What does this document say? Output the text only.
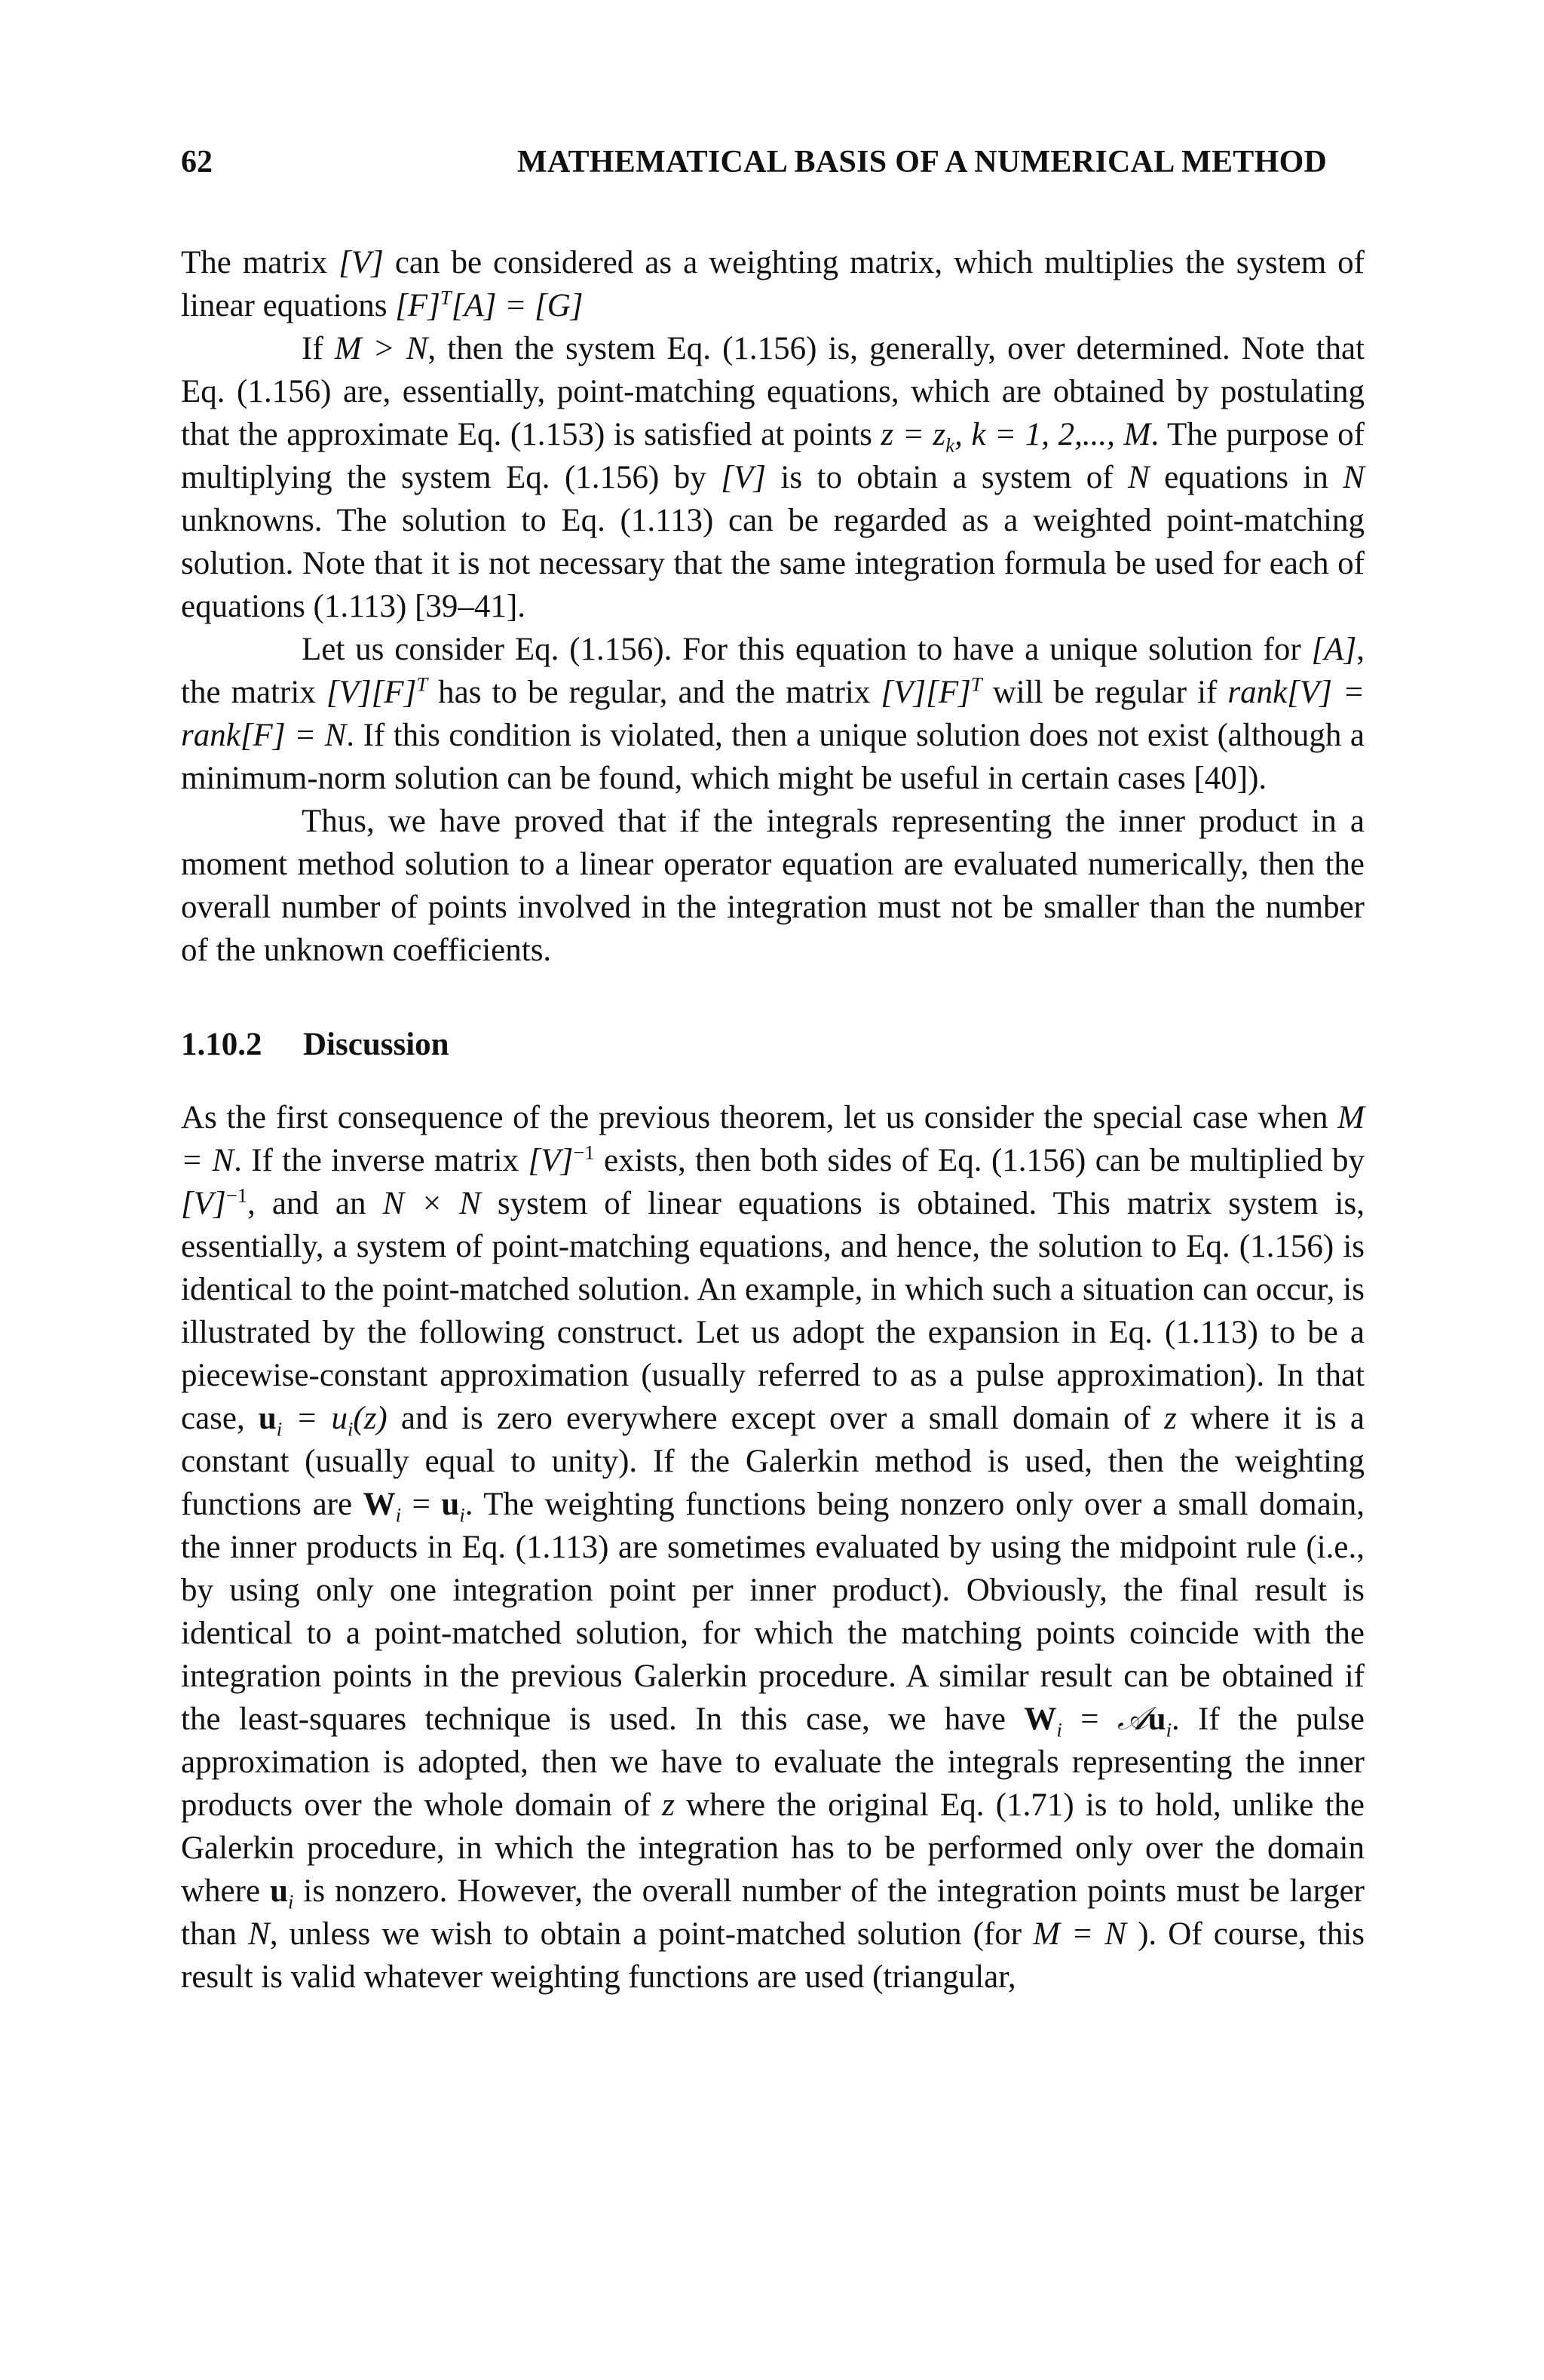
62	MATHEMATICAL BASIS OF A NUMERICAL METHOD

The matrix [V] can be considered as a weighting matrix, which multiplies the system of linear equations $[F]^T[A] = [G]$

If M > N, then the system Eq. (1.156) is, generally, over determined. Note that Eq. (1.156) are, essentially, point-matching equations, which are obtained by postulating that the approximate Eq. (1.153) is satisfied at points $z = z_k$, k = 1, 2,..., M. The purpose of multiplying the system Eq. (1.156) by [V] is to obtain a system of N equations in N unknowns. The solution to Eq. (1.113) can be regarded as a weighted point-matching solution. Note that it is not necessary that the same integration formula be used for each of equations (1.113) [39–41].

Let us consider Eq. (1.156). For this equation to have a unique solution for [A], the matrix $[V][F]^T$ has to be regular, and the matrix $[V][F]^T$ will be regular if rank[V] = rank[F] = N. If this condition is violated, then a unique solution does not exist (although a minimum-norm solution can be found, which might be useful in certain cases [40]).

Thus, we have proved that if the integrals representing the inner product in a moment method solution to a linear operator equation are evaluated numerically, then the overall number of points involved in the integration must not be smaller than the number of the unknown coefficients.

1.10.2 Discussion

As the first consequence of the previous theorem, let us consider the special case when M = N. If the inverse matrix $[V]^{-1}$ exists, then both sides of Eq. (1.156) can be multiplied by $[V]^{-1}$, and an N × N system of linear equations is obtained. This matrix system is, essentially, a system of point-matching equations, and hence, the solution to Eq. (1.156) is identical to the point-matched solution. An example, in which such a situation can occur, is illustrated by the following construct. Let us adopt the expansion in Eq. (1.113) to be a piecewise-constant approximation (usually referred to as a pulse approximation). In that case, $u_i = u_i(z)$ and is zero everywhere except over a small domain of z where it is a constant (usually equal to unity). If the Galerkin method is used, then the weighting functions are $W_i = u_i$. The weighting functions being nonzero only over a small domain, the inner products in Eq. (1.113) are sometimes evaluated by using the midpoint rule (i.e., by using only one integration point per inner product). Obviously, the final result is identical to a point-matched solution, for which the matching points coincide with the integration points in the previous Galerkin procedure. A similar result can be obtained if the least-squares technique is used. In this case, we have $W_i$ = 𝒜u$_i$. If the pulse approximation is adopted, then we have to evaluate the integrals representing the inner products over the whole domain of z where the original Eq. (1.71) is to hold, unlike the Galerkin procedure, in which the integration has to be performed only over the domain where $u_i$ is nonzero. However, the overall number of the integration points must be larger than N, unless we wish to obtain a point-matched solution (for M = N ). Of course, this result is valid whatever weighting functions are used (triangular,
